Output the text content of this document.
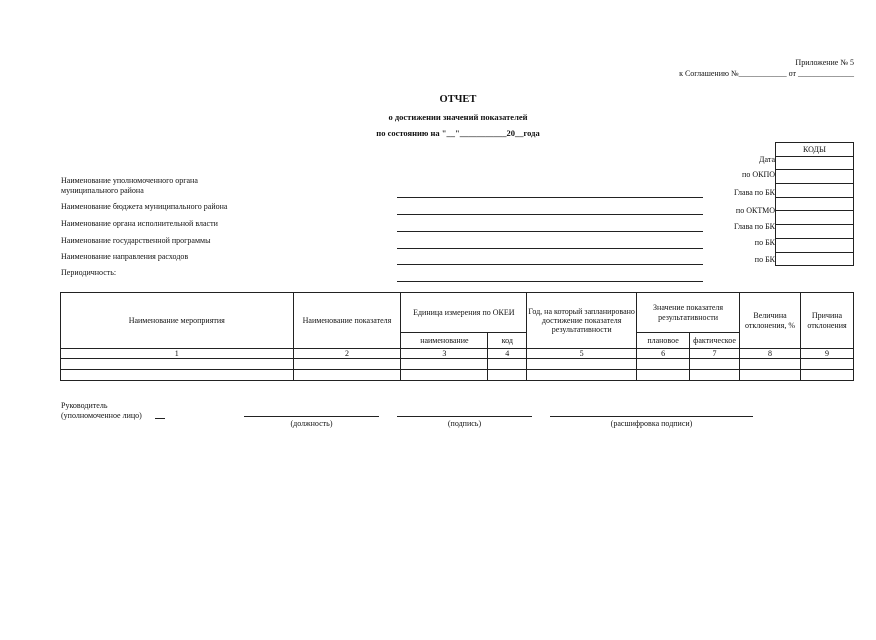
Приложение № 5
к Соглашению №____________ от ______________
ОТЧЕТ
о достижении значений показателей
по состоянию на "__"___________20__года
КОДЫ

Дата
по ОКПО
Глава по БК
по ОКТМО
Глава по БК
по БК
по БК
Наименование уполномоченного органа муниципального района
Наименование бюджета муниципального района
Наименование органа исполнительной власти
Наименование государственной программы
Наименование направления расходов
Периодичность:
Наименование мероприятия	Наименование показателя	Единица измерения по ОКЕИ		Год, на который запланировано достижение показателя результативности	Значение показателя результативности		Величина отклонения, %	Причина отклонения
		наименование	код		плановое	фактическое		
1	2	3	4	5	6	7	8	9

Руководитель
(уполномоченное лицо)
(должность)	(подпись)	(расшифровка подписи)
